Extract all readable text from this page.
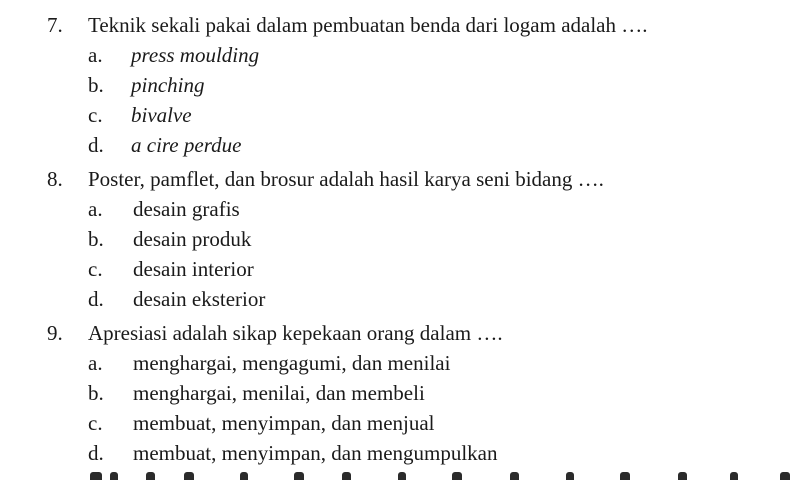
7. Teknik sekali pakai dalam pembuatan benda dari logam adalah ….
a. press moulding
b. pinching
c. bivalve
d. a cire perdue
8. Poster, pamflet, dan brosur adalah hasil karya seni bidang ….
a. desain grafis
b. desain produk
c. desain interior
d. desain eksterior
9. Apresiasi adalah sikap kepekaan orang dalam ….
a. menghargai, mengagumi, dan menilai
b. menghargai, menilai, dan membeli
c. membuat, menyimpan, dan menjual
d. membuat, menyimpan, dan mengumpulkan
